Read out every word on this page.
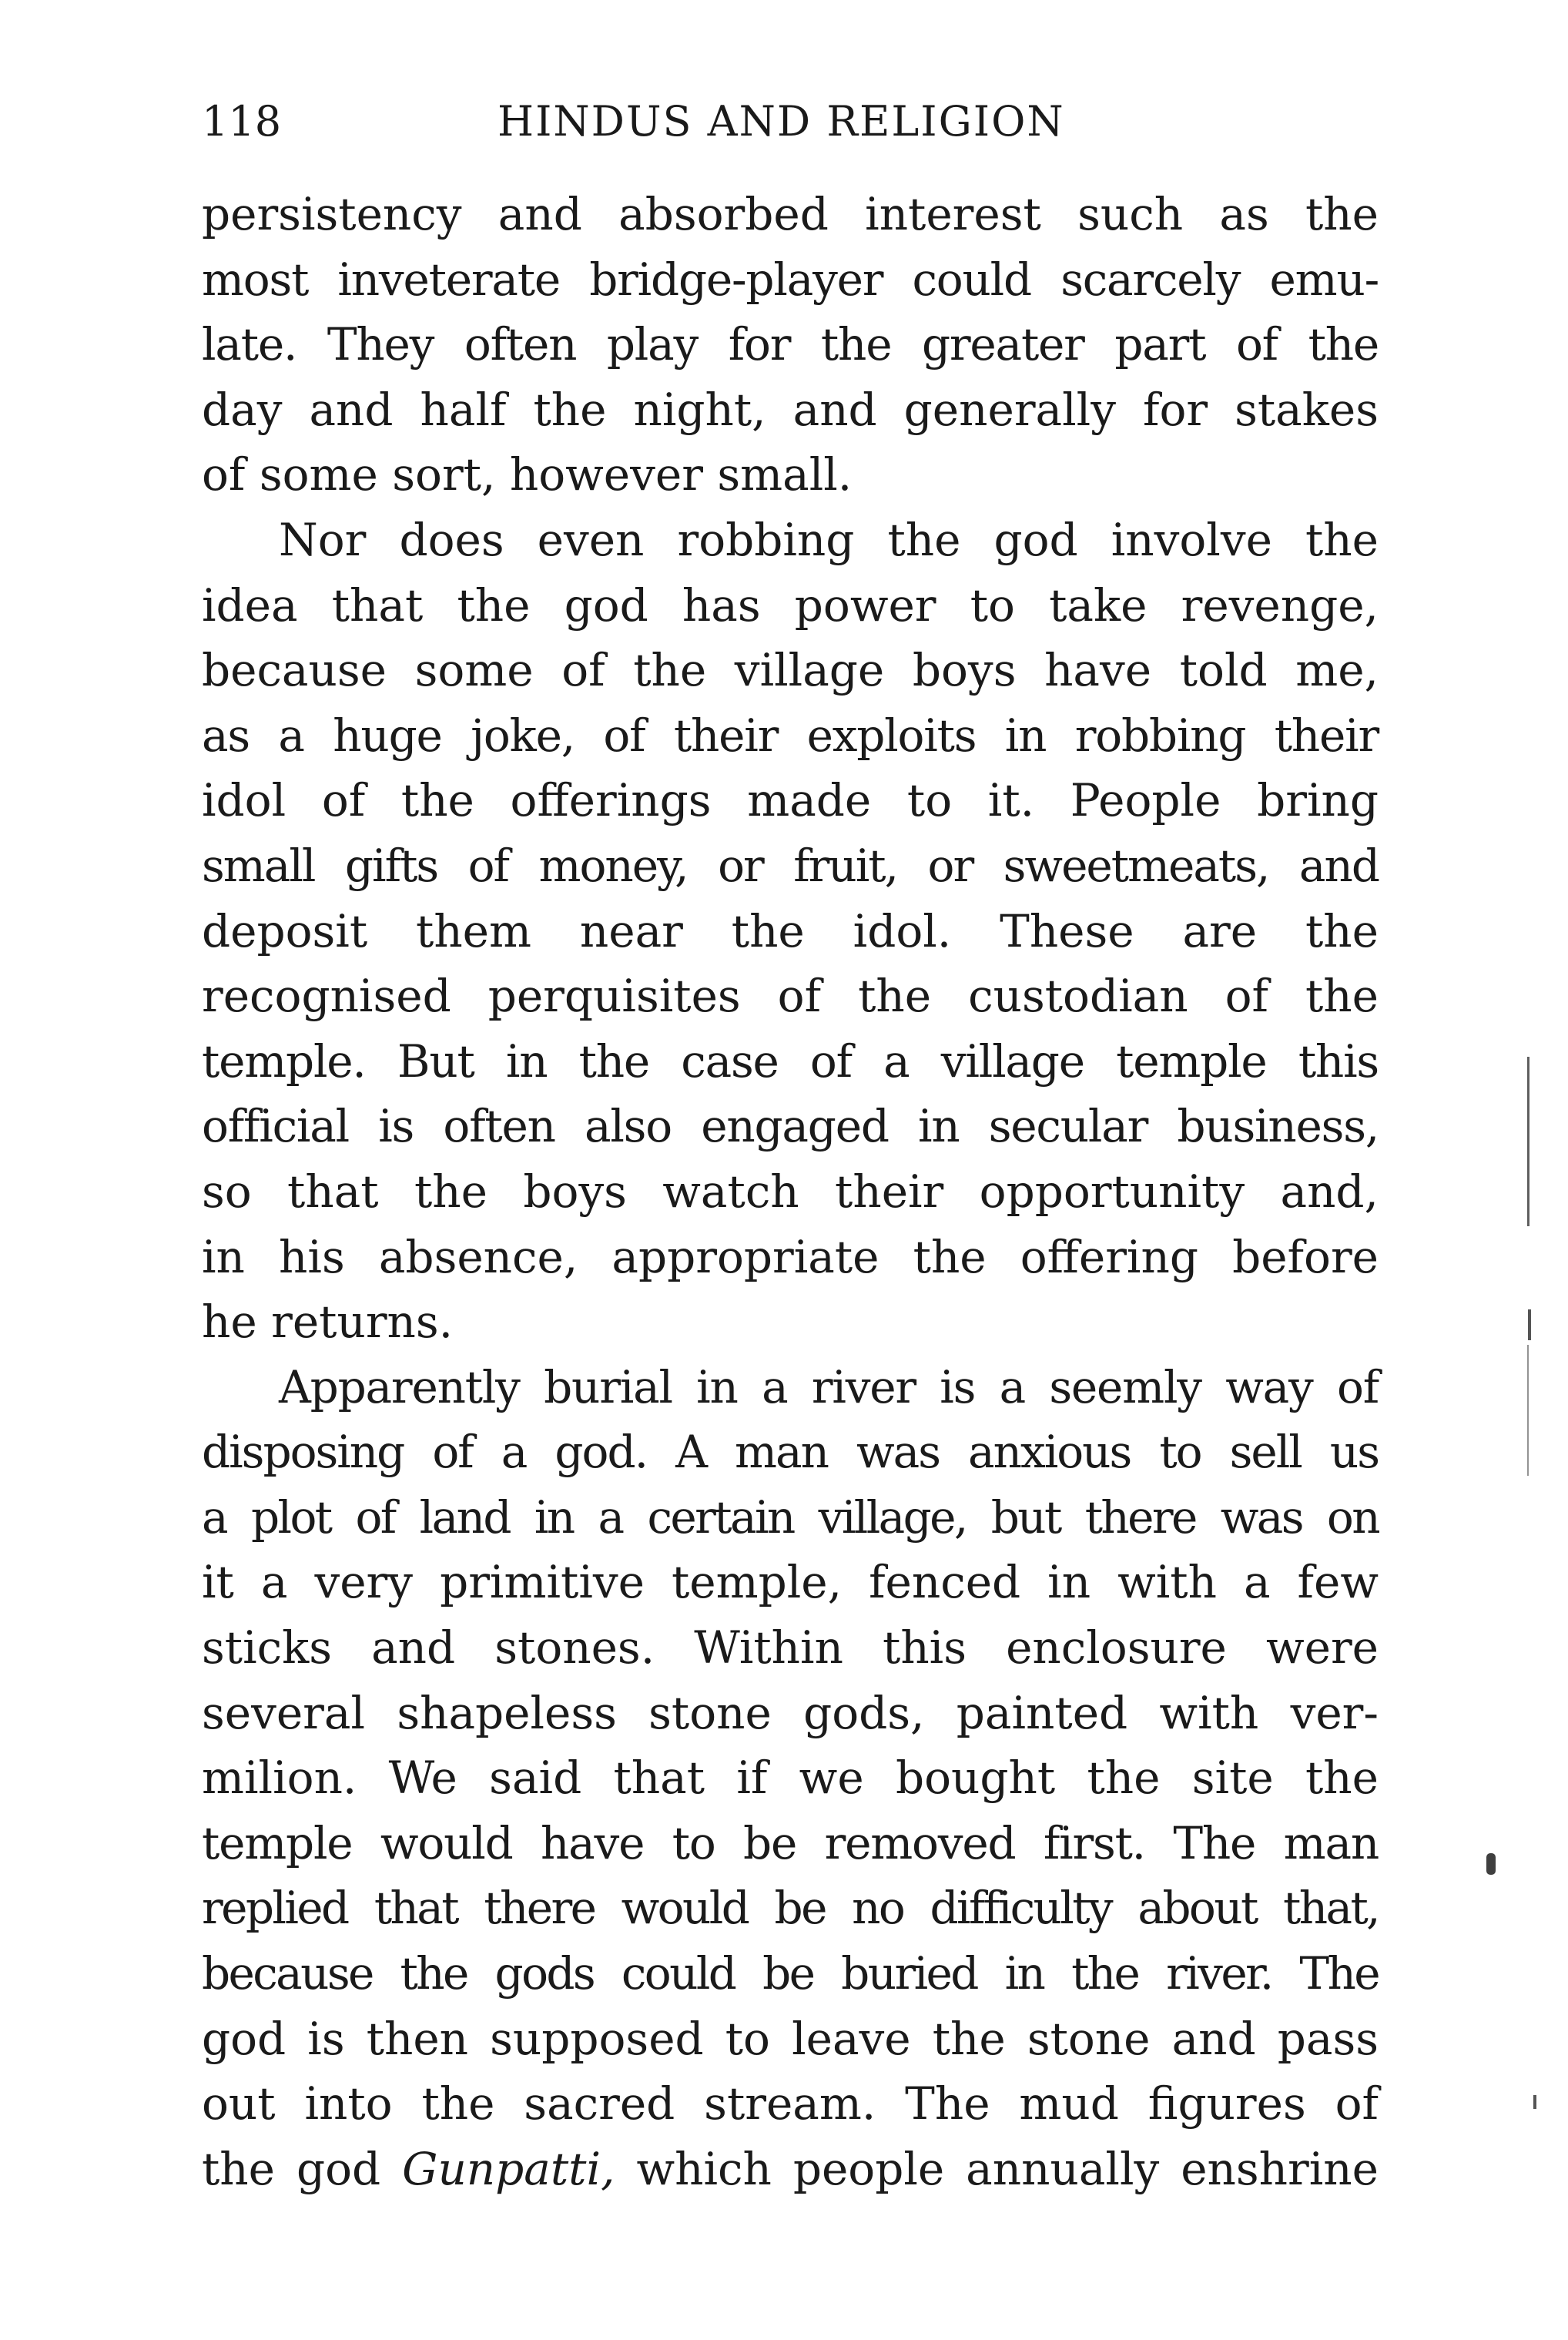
118	HINDUS AND RELIGION
persistency and absorbed interest such as the
most inveterate bridge-player could scarcely emu-
late. They often play for the greater part of the
day and half the night, and generally for stakes
of some sort, however small.
Nor does even robbing the god involve the
idea that the god has power to take revenge,
because some of the village boys have told me,
as a huge joke, of their exploits in robbing their
idol of the offerings made to it. People bring
small gifts of money, or fruit, or sweetmeats, and
deposit them near the idol. These are the
recognised perquisites of the custodian of the
temple. But in the case of a village temple this
official is often also engaged in secular business,
so that the boys watch their opportunity and,
in his absence, appropriate the offering before
he returns.
Apparently burial in a river is a seemly way of
disposing of a god. A man was anxious to sell us
a plot of land in a certain village, but there was on
it a very primitive temple, fenced in with a few
sticks and stones. Within this enclosure were
several shapeless stone gods, painted with ver-
milion. We said that if we bought the site the
temple would have to be removed first. The man
replied that there would be no difficulty about that,
because the gods could be buried in the river. The
god is then supposed to leave the stone and pass
out into the sacred stream. The mud figures of
the god Gunpatti, which people annually enshrine
